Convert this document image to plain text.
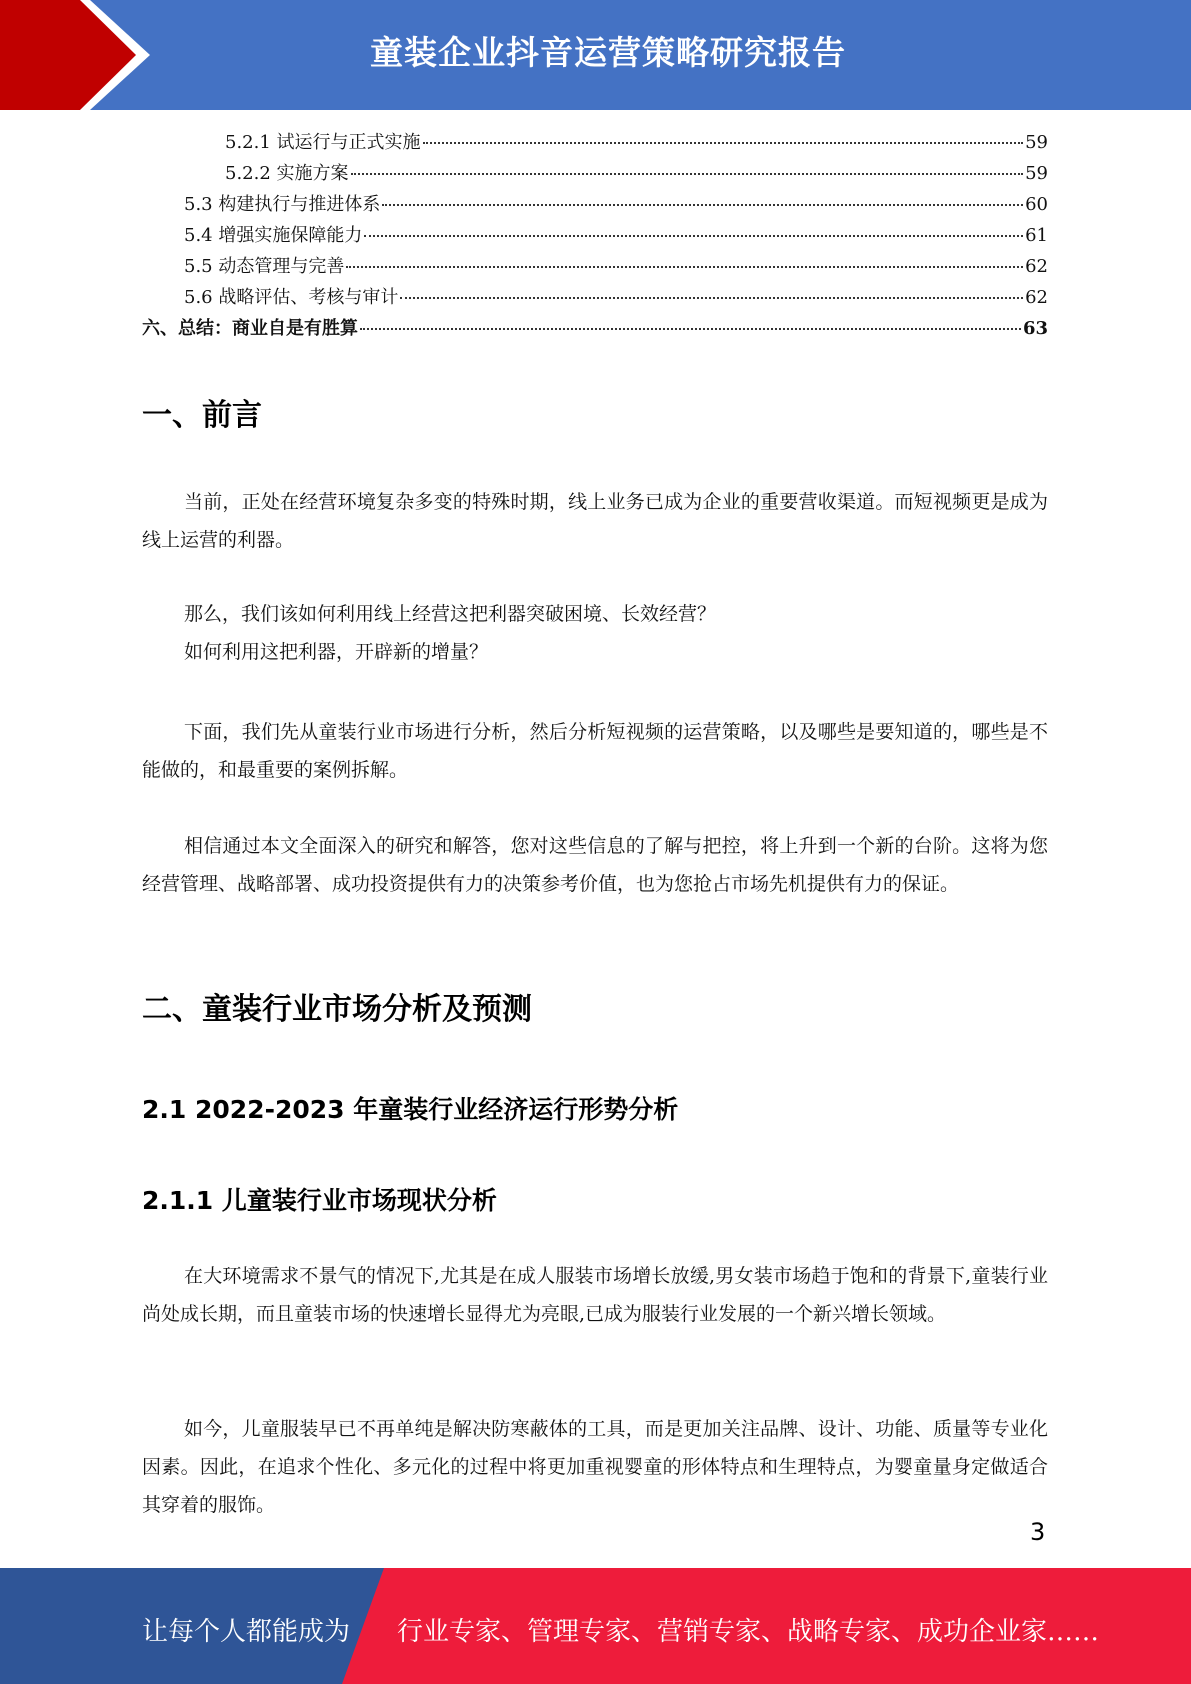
童装企业抖音运营策略研究报告
5.2.1 试运行与正式实施	59
5.2.2 实施方案	59
5.3 构建执行与推进体系	60
5.4 增强实施保障能力	61
5.5 动态管理与完善	62
5.6 战略评估、考核与审计	62
六、总结：商业自是有胜算	63
一、前言
当前，正处在经营环境复杂多变的特殊时期，线上业务已成为企业的重要营收渠道。而短视频更是成为线上运营的利器。
那么，我们该如何利用线上经营这把利器突破困境、长效经营？
如何利用这把利器，开辟新的增量？
下面，我们先从童装行业市场进行分析，然后分析短视频的运营策略，以及哪些是要知道的，哪些是不能做的，和最重要的案例拆解。
相信通过本文全面深入的研究和解答，您对这些信息的了解与把控，将上升到一个新的台阶。这将为您经营管理、战略部署、成功投资提供有力的决策参考价值，也为您抢占市场先机提供有力的保证。
二、童装行业市场分析及预测
2.1 2022-2023 年童装行业经济运行形势分析
2.1.1 儿童装行业市场现状分析
在大环境需求不景气的情况下,尤其是在成人服装市场增长放缓,男女装市场趋于饱和的背景下,童装行业尚处成长期，而且童装市场的快速增长显得尤为亮眼,已成为服装行业发展的一个新兴增长领域。
如今，儿童服装早已不再单纯是解决防寒蔽体的工具，而是更加关注品牌、设计、功能、质量等专业化因素。因此，在追求个性化、多元化的过程中将更加重视婴童的形体特点和生理特点，为婴童量身定做适合其穿着的服饰。
3
让每个人都能成为 行业专家、管理专家、营销专家、战略专家、成功企业家……
